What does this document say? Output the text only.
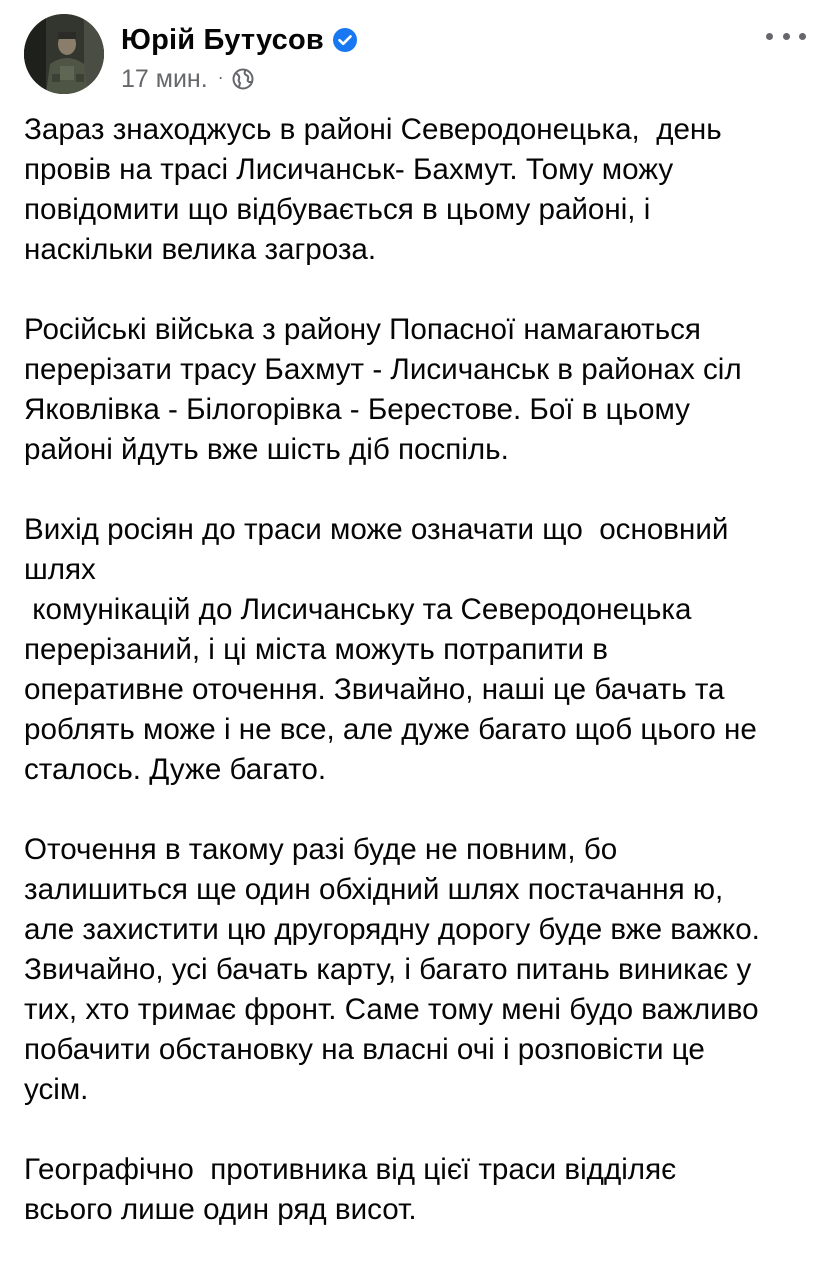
Юрій Бутусов
17 мин. ·
Зараз знаходжусь в районі Северодонецька,  день
провів на трасі Лисичанськ- Бахмут. Тому можу
повідомити що відбувається в цьому районі, і
наскільки велика загроза.
Російські війська з району Попасної намагаються
перерізати трасу Бахмут - Лисичанськ в районах сіл
Яковлівка - Білогорівка - Берестове. Бої в цьому
районі йдуть вже шість діб поспіль.
Вихід росіян до траси може означати що  основний
шлях
комунікацій до Лисичанську та Северодонецька
перерізаний, і ці міста можуть потрапити в
оперативне оточення. Звичайно, наші це бачать та
роблять може і не все, але дуже багато щоб цього не
сталось. Дуже багато.
Оточення в такому разі буде не повним, бо
залишиться ще один обхідний шлях постачання ю,
але захистити цю другорядну дорогу буде вже важко.
Звичайно, усі бачать карту, і багато питань виникає у
тих, хто тримає фронт. Саме тому мені будо важливо
побачити обстановку на власні очі і розповісти це
усім.
Географічно  противника від цієї траси відділяє
всього лише один ряд висот.
